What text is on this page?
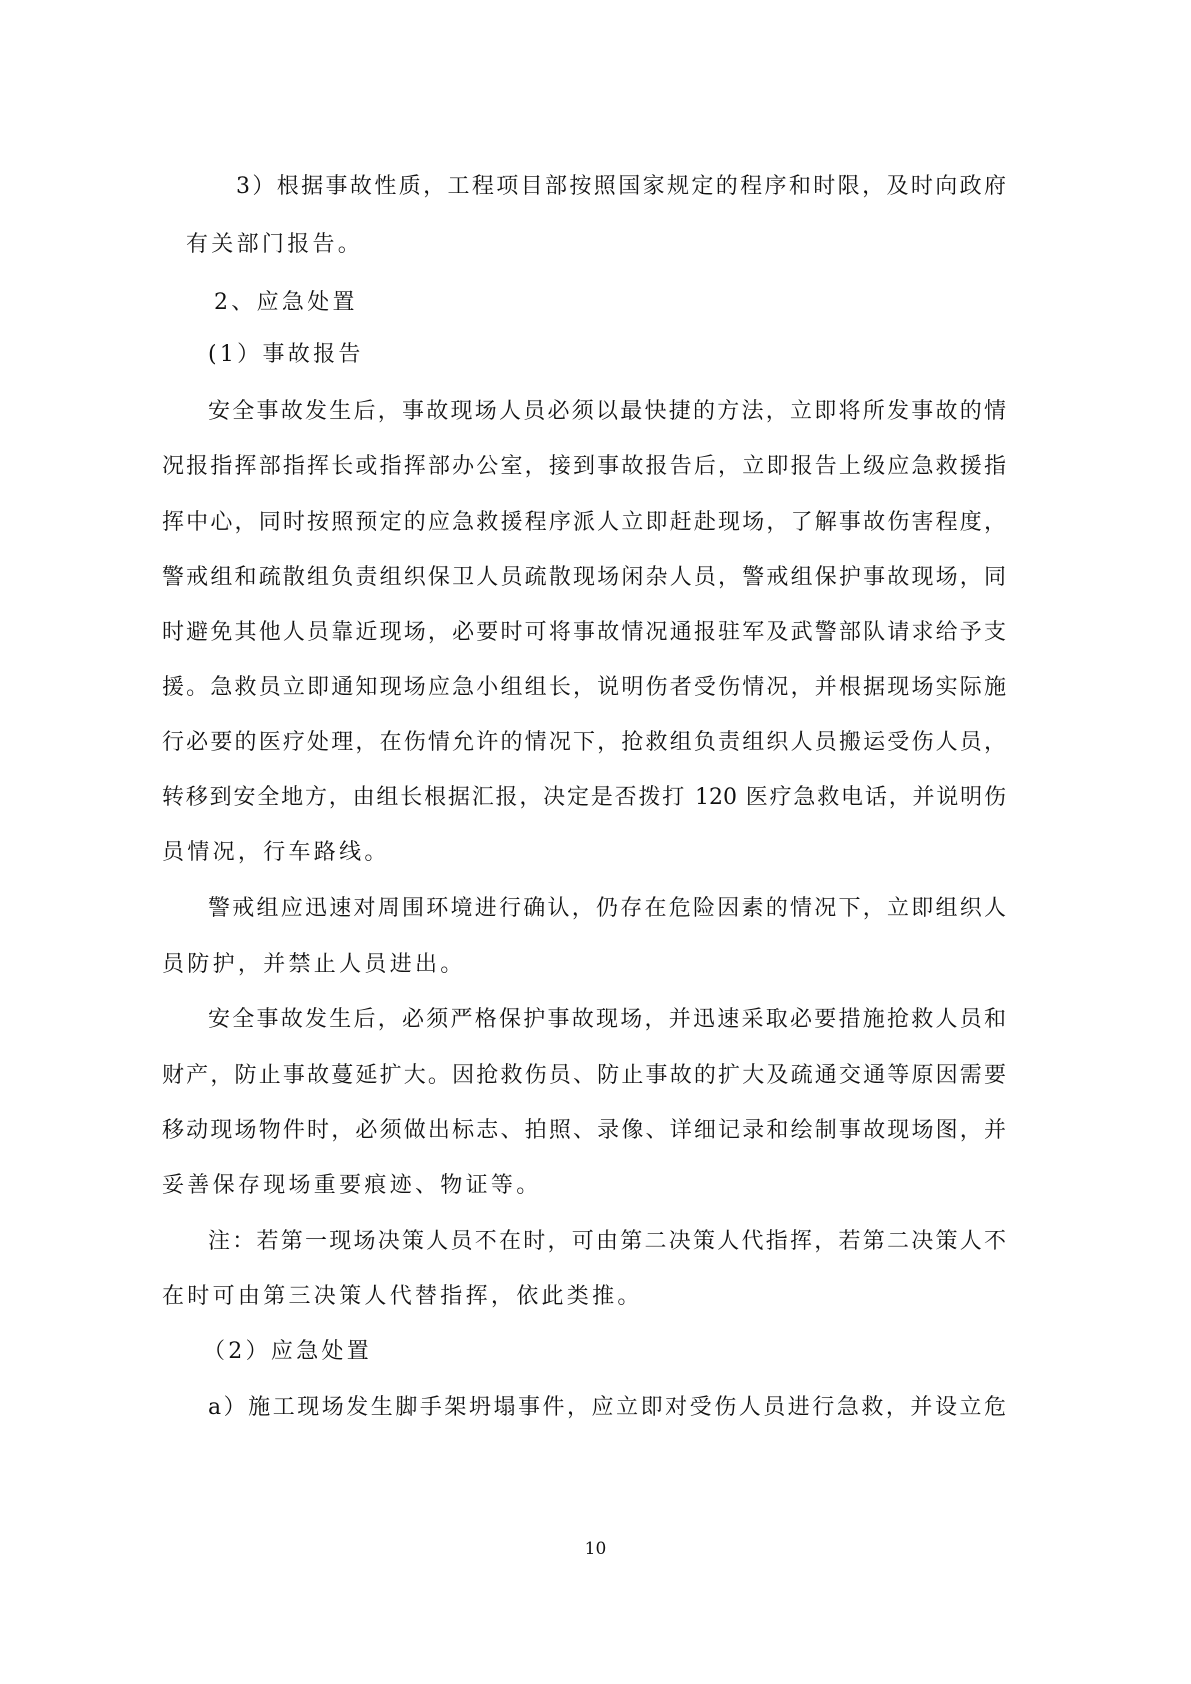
3）根据事故性质，工程项目部按照国家规定的程序和时限，及时向政府
有关部门报告。
2、应急处置
(1）事故报告
安全事故发生后，事故现场人员必须以最快捷的方法，立即将所发事故的情
况报指挥部指挥长或指挥部办公室，接到事故报告后，立即报告上级应急救援指
挥中心，同时按照预定的应急救援程序派人立即赶赴现场，了解事故伤害程度，
警戒组和疏散组负责组织保卫人员疏散现场闲杂人员，警戒组保护事故现场，同
时避免其他人员靠近现场，必要时可将事故情况通报驻军及武警部队请求给予支
援。急救员立即通知现场应急小组组长，说明伤者受伤情况，并根据现场实际施
行必要的医疗处理，在伤情允许的情况下，抢救组负责组织人员搬运受伤人员，
转移到安全地方，由组长根据汇报，决定是否拨打 120 医疗急救电话，并说明伤
员情况，行车路线。
警戒组应迅速对周围环境进行确认，仍存在危险因素的情况下，立即组织人
员防护，并禁止人员进出。
安全事故发生后，必须严格保护事故现场，并迅速采取必要措施抢救人员和
财产，防止事故蔓延扩大。因抢救伤员、防止事故的扩大及疏通交通等原因需要
移动现场物件时，必须做出标志、拍照、录像、详细记录和绘制事故现场图，并
妥善保存现场重要痕迹、物证等。
注：若第一现场决策人员不在时，可由第二决策人代指挥，若第二决策人不
在时可由第三决策人代替指挥，依此类推。
（2）应急处置
a）施工现场发生脚手架坍塌事件，应立即对受伤人员进行急救，并设立危
10
